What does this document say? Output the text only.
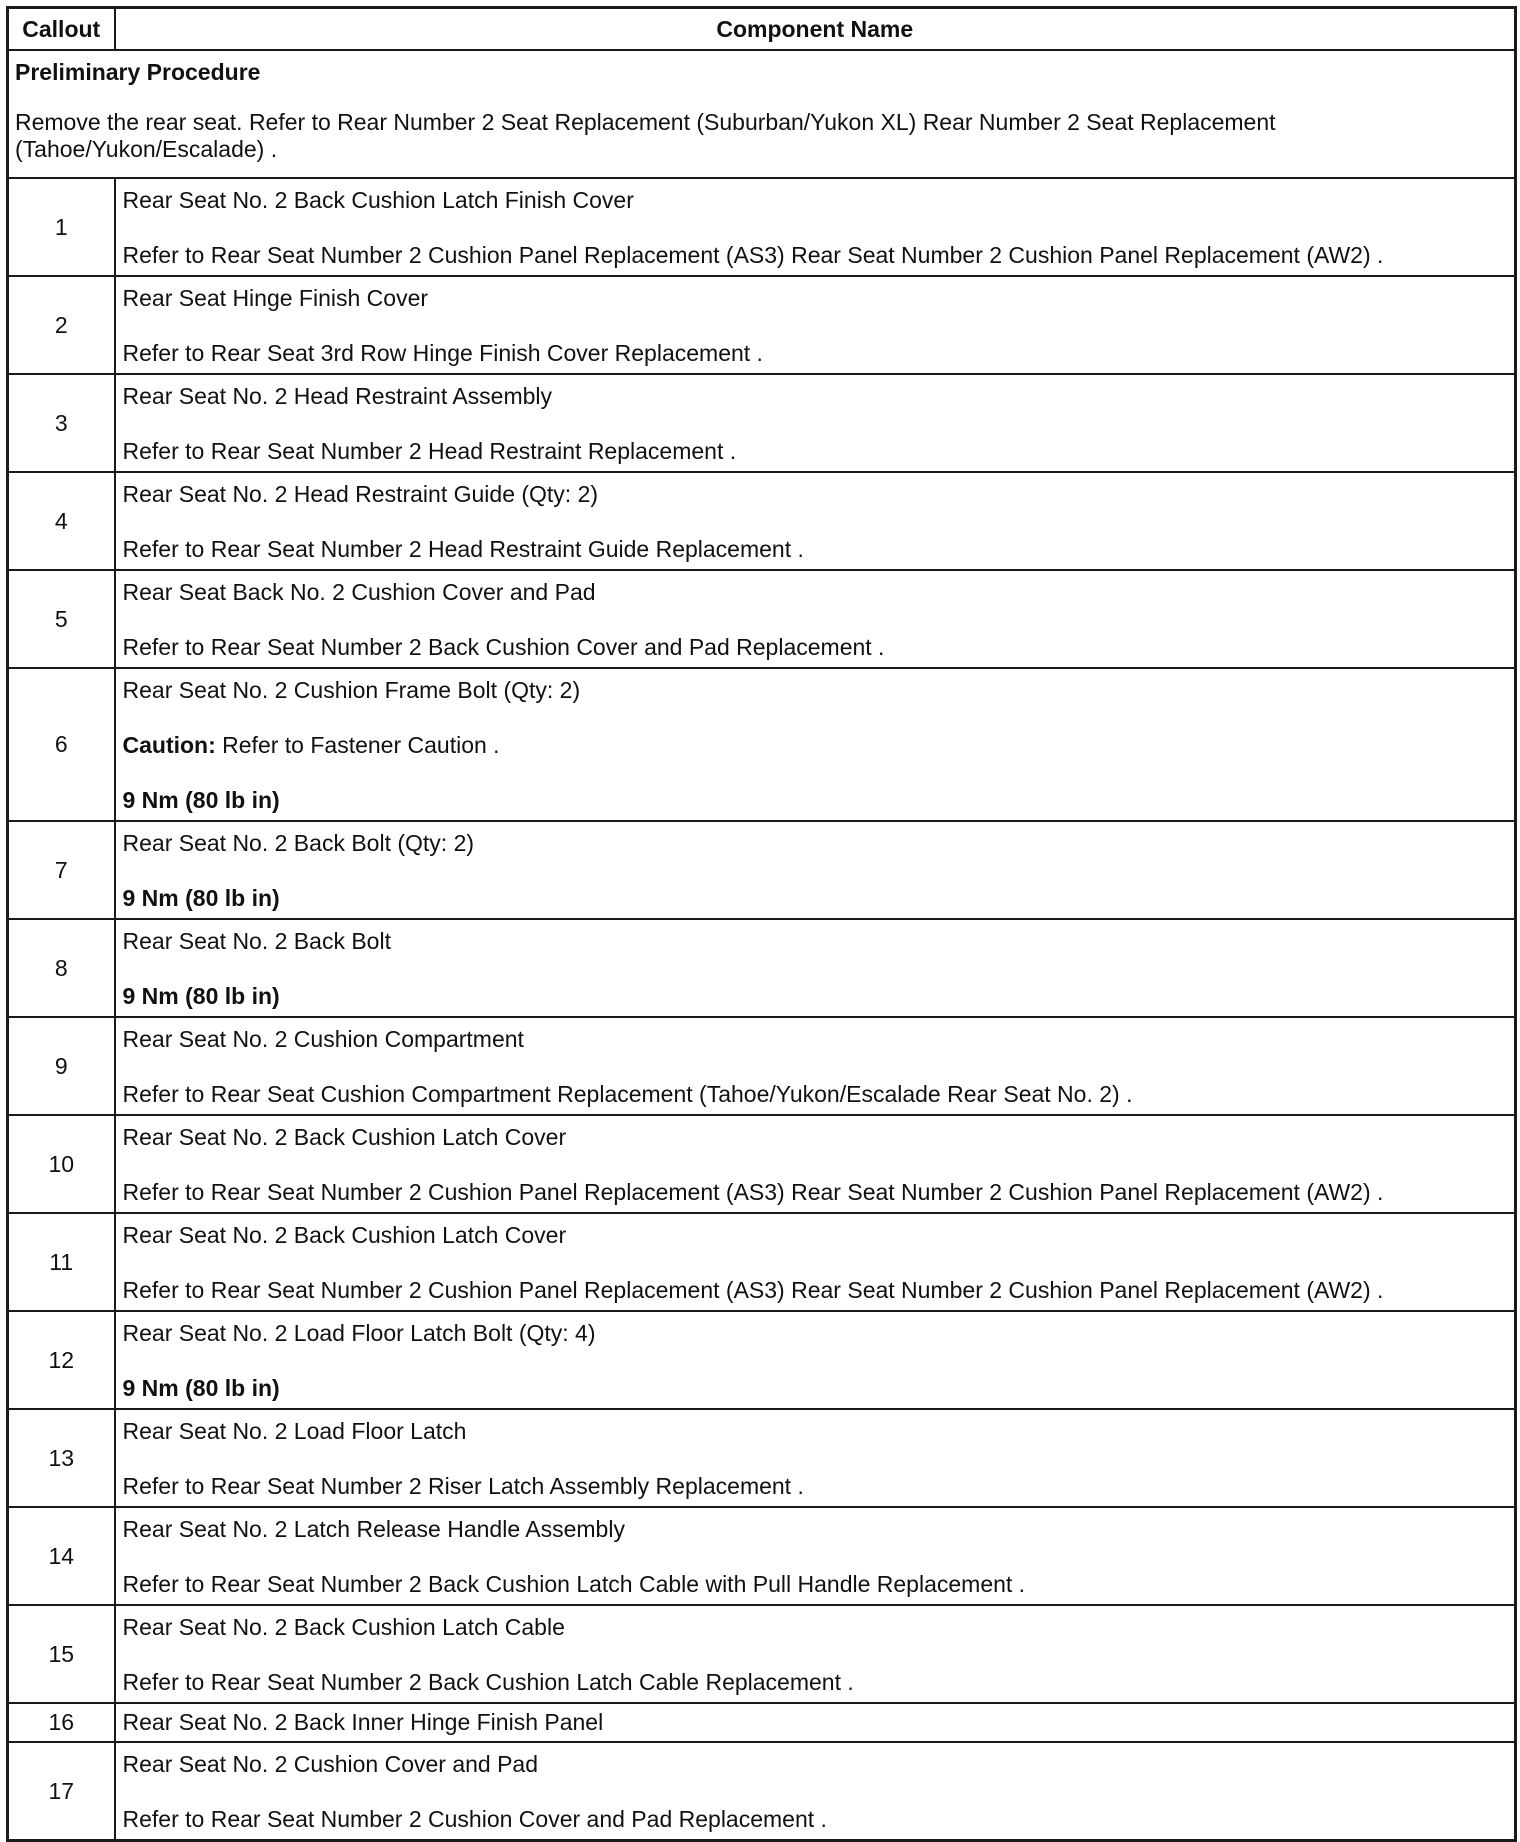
Callout	Component Name

Preliminary Procedure

Remove the rear seat. Refer to Rear Number 2 Seat Replacement (Suburban/Yukon XL) Rear Number 2 Seat Replacement (Tahoe/Yukon/Escalade) .	

1	Rear Seat No. 2 Back Cushion Latch Finish Cover

Refer to Rear Seat Number 2 Cushion Panel Replacement (AS3) Rear Seat Number 2 Cushion Panel Replacement (AW2) .

2	Rear Seat Hinge Finish Cover

Refer to Rear Seat 3rd Row Hinge Finish Cover Replacement .

3	Rear Seat No. 2 Head Restraint Assembly

Refer to Rear Seat Number 2 Head Restraint Replacement .

4	Rear Seat No. 2 Head Restraint Guide (Qty: 2)

Refer to Rear Seat Number 2 Head Restraint Guide Replacement .

5	Rear Seat Back No. 2 Cushion Cover and Pad

Refer to Rear Seat Number 2 Back Cushion Cover and Pad Replacement .

6	Rear Seat No. 2 Cushion Frame Bolt (Qty: 2)

Caution: Refer to Fastener Caution .

9 Nm (80 lb in)

7	Rear Seat No. 2 Back Bolt (Qty: 2)

9 Nm (80 lb in)

8	Rear Seat No. 2 Back Bolt

9 Nm (80 lb in)

9	Rear Seat No. 2 Cushion Compartment

Refer to Rear Seat Cushion Compartment Replacement (Tahoe/Yukon/Escalade Rear Seat No. 2) .

10	Rear Seat No. 2 Back Cushion Latch Cover

Refer to Rear Seat Number 2 Cushion Panel Replacement (AS3) Rear Seat Number 2 Cushion Panel Replacement (AW2) .

11	Rear Seat No. 2 Back Cushion Latch Cover

Refer to Rear Seat Number 2 Cushion Panel Replacement (AS3) Rear Seat Number 2 Cushion Panel Replacement (AW2) .

12	Rear Seat No. 2 Load Floor Latch Bolt (Qty: 4)

9 Nm (80 lb in)

13	Rear Seat No. 2 Load Floor Latch

Refer to Rear Seat Number 2 Riser Latch Assembly Replacement .

14	Rear Seat No. 2 Latch Release Handle Assembly

Refer to Rear Seat Number 2 Back Cushion Latch Cable with Pull Handle Replacement .

15	Rear Seat No. 2 Back Cushion Latch Cable

Refer to Rear Seat Number 2 Back Cushion Latch Cable Replacement .

16	Rear Seat No. 2 Back Inner Hinge Finish Panel

17	Rear Seat No. 2 Cushion Cover and Pad

Refer to Rear Seat Number 2 Cushion Cover and Pad Replacement .
